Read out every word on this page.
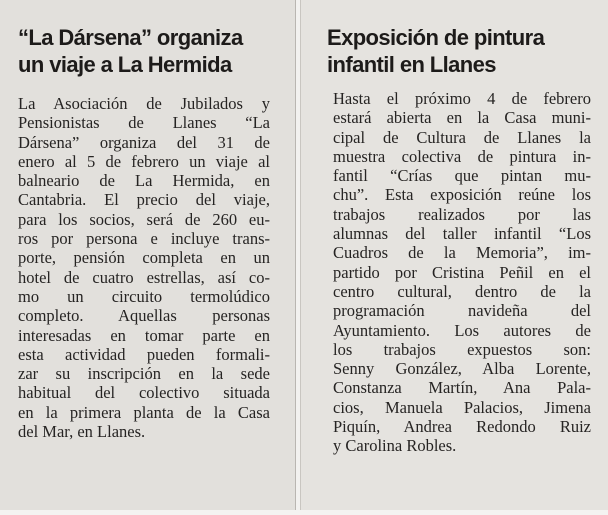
“La Dársena” organiza
un viaje a La Hermida
Exposición de pintura
infantil en Llanes
La Asociación de Jubilados y
Pensionistas de Llanes “La
Dársena” organiza del 31 de
enero al 5 de febrero un viaje al
balneario de La Hermida, en
Cantabria. El precio del viaje,
para los socios, será de 260 eu-
ros por persona e incluye trans-
porte, pensión completa en un
hotel de cuatro estrellas, así co-
mo un circuito termolúdico
completo. Aquellas personas
interesadas en tomar parte en
esta actividad pueden formali-
zar su inscripción en la sede
habitual del colectivo situada
en la primera planta de la Casa
del Mar, en Llanes.
Hasta el próximo 4 de febrero
estará abierta en la Casa muni-
cipal de Cultura de Llanes la
muestra colectiva de pintura in-
fantil “Crías que pintan mu-
chu”. Esta exposición reúne los
trabajos realizados por las
alumnas del taller infantil “Los
Cuadros de la Memoria”, im-
partido por Cristina Peñil en el
centro cultural, dentro de la
programación navideña del
Ayuntamiento. Los autores de
los trabajos expuestos son:
Senny González, Alba Lorente,
Constanza Martín, Ana Pala-
cios, Manuela Palacios, Jimena
Piquín, Andrea Redondo Ruiz
y Carolina Robles.
